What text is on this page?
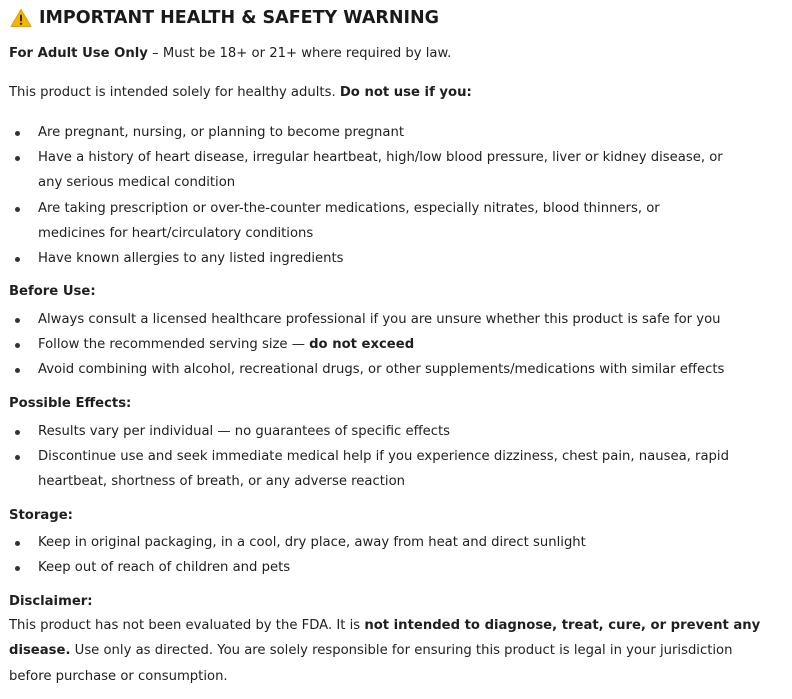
IMPORTANT HEALTH & SAFETY WARNING
For Adult Use Only – Must be 18+ or 21+ where required by law.
This product is intended solely for healthy adults. Do not use if you:
Are pregnant, nursing, or planning to become pregnant
Have a history of heart disease, irregular heartbeat, high/low blood pressure, liver or kidney disease, or
any serious medical condition
Are taking prescription or over-the-counter medications, especially nitrates, blood thinners, or
medicines for heart/circulatory conditions
Have known allergies to any listed ingredients
Before Use:
Always consult a licensed healthcare professional if you are unsure whether this product is safe for you
Follow the recommended serving size — do not exceed
Avoid combining with alcohol, recreational drugs, or other supplements/medications with similar effects
Possible Effects:
Results vary per individual — no guarantees of specific effects
Discontinue use and seek immediate medical help if you experience dizziness, chest pain, nausea, rapid
heartbeat, shortness of breath, or any adverse reaction
Storage:
Keep in original packaging, in a cool, dry place, away from heat and direct sunlight
Keep out of reach of children and pets
Disclaimer:
This product has not been evaluated by the FDA. It is not intended to diagnose, treat, cure, or prevent any
disease. Use only as directed. You are solely responsible for ensuring this product is legal in your jurisdiction
before purchase or consumption.
